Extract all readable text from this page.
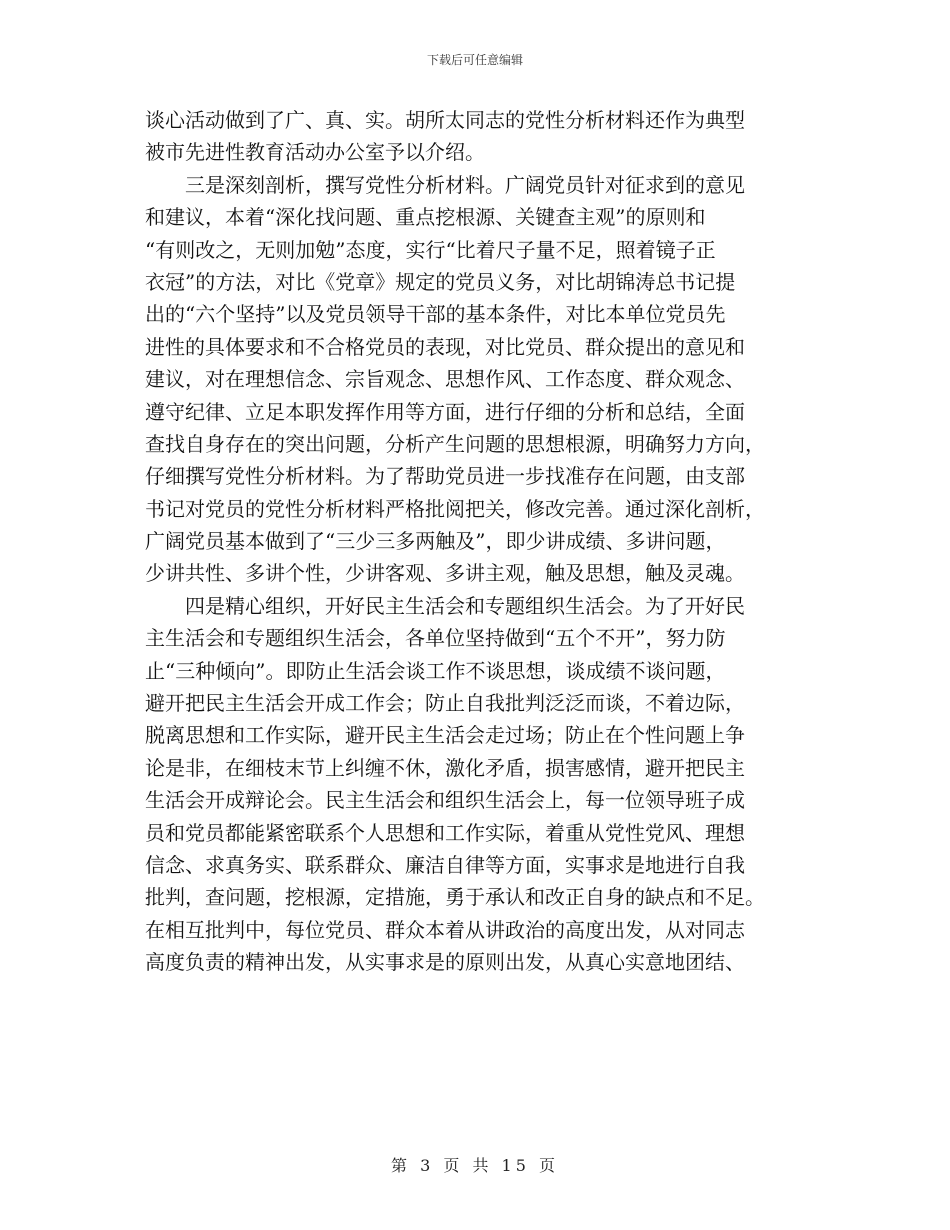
下载后可任意编辑
谈心活动做到了广、真、实。胡所太同志的党性分析材料还作为典型
被市先进性教育活动办公室予以介绍。
　　三是深刻剖析，撰写党性分析材料。广阔党员针对征求到的意见
和建议，本着“深化找问题、重点挖根源、关键查主观”的原则和
“有则改之，无则加勉”态度，实行“比着尺子量不足，照着镜子正
衣冠”的方法，对比《党章》规定的党员义务，对比胡锦涛总书记提
出的“六个坚持”以及党员领导干部的基本条件，对比本单位党员先
进性的具体要求和不合格党员的表现，对比党员、群众提出的意见和
建议，对在理想信念、宗旨观念、思想作风、工作态度、群众观念、
遵守纪律、立足本职发挥作用等方面，进行仔细的分析和总结，全面
查找自身存在的突出问题，分析产生问题的思想根源，明确努力方向，
仔细撰写党性分析材料。为了帮助党员进一步找准存在问题，由支部
书记对党员的党性分析材料严格批阅把关，修改完善。通过深化剖析，
广阔党员基本做到了“三少三多两触及”，即少讲成绩、多讲问题，
少讲共性、多讲个性，少讲客观、多讲主观，触及思想，触及灵魂。
　　四是精心组织，开好民主生活会和专题组织生活会。为了开好民
主生活会和专题组织生活会，各单位坚持做到“五个不开”，努力防
止“三种倾向”。即防止生活会谈工作不谈思想，谈成绩不谈问题，
避开把民主生活会开成工作会；防止自我批判泛泛而谈，不着边际，
脱离思想和工作实际，避开民主生活会走过场；防止在个性问题上争
论是非，在细枝末节上纠缠不休，激化矛盾，损害感情，避开把民主
生活会开成辩论会。民主生活会和组织生活会上，每一位领导班子成
员和党员都能紧密联系个人思想和工作实际，着重从党性党风、理想
信念、求真务实、联系群众、廉洁自律等方面，实事求是地进行自我
批判，查问题，挖根源，定措施，勇于承认和改正自身的缺点和不足。
在相互批判中，每位党员、群众本着从讲政治的高度出发，从对同志
高度负责的精神出发，从实事求是的原则出发，从真心实意地团结、
第 3 页 共 15 页
